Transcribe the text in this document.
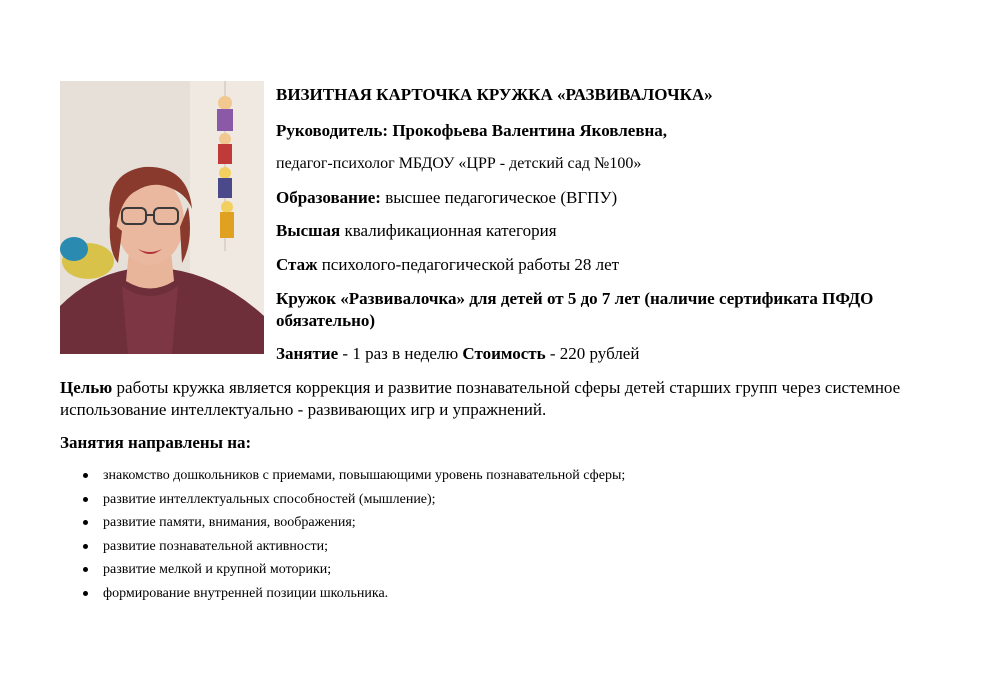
ВИЗИТНАЯ КАРТОЧКА КРУЖКА «РАЗВИВАЛОЧКА»
Руководитель: Прокофьева Валентина Яковлевна,
педагог-психолог МБДОУ «ЦРР - детский сад №100»
Образование: высшее педагогическое (ВГПУ)
Высшая квалификационная категория
Стаж психолого-педагогической работы 28 лет
Кружок «Развивалочка» для детей от 5 до 7 лет (наличие сертификата ПФДО обязательно)
Занятие - 1 раз в неделю Стоимость - 220 рублей
Целью работы кружка является коррекция и развитие познавательной сферы детей старших групп через системное использование интеллектуально - развивающих игр и упражнений.
Занятия направлены на:
знакомство дошкольников с приемами, повышающими уровень познавательной сферы;
развитие интеллектуальных способностей (мышление);
развитие памяти, внимания, воображения;
развитие познавательной активности;
развитие мелкой и крупной моторики;
формирование внутренней позиции школьника.
